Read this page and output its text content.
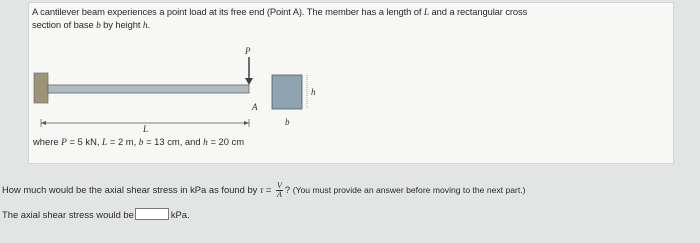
A cantilever beam experiences a point load at its free end (Point A). The member has a length of L and a rectangular cross
section of base b by height h.
P
A
L
h
b
where P = 5 kN, L = 2 m, b = 13 cm, and h = 20 cm
How much would be the axial shear stress in kPa as found by $\tau = \frac{V}{A}$ ? (You must provide an answer before moving to the next part.)
The axial shear stress would be	kPa.
